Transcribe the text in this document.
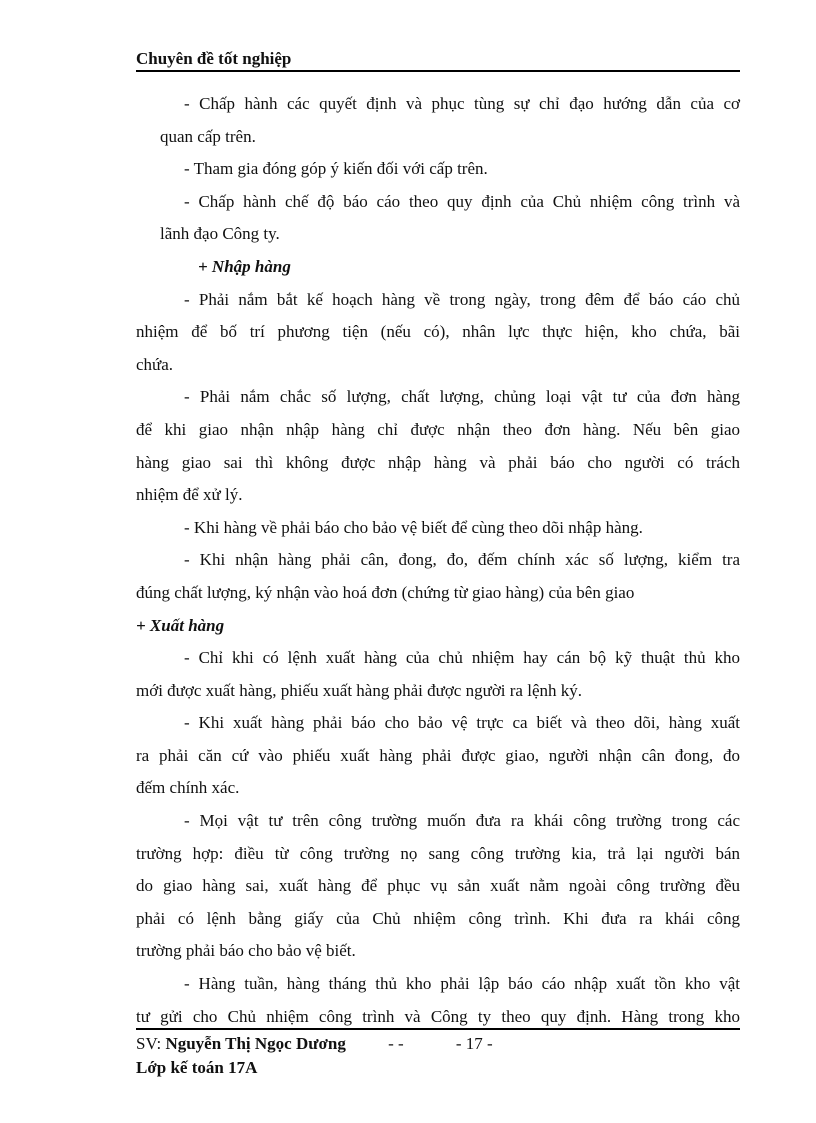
Chuyên đề tốt nghiệp
- Chấp hành các quyết định và phục tùng sự chỉ đạo hướng dẫn của cơ
quan cấp trên.
- Tham gia đóng góp ý kiến đối với cấp trên.
- Chấp hành chế độ báo cáo theo quy định của Chủ nhiệm công trình và
lãnh đạo Công ty.
+ Nhập hàng
- Phải nắm bắt kế hoạch hàng về trong ngày, trong đêm để báo cáo chủ
nhiệm để bố trí phương tiện (nếu có), nhân lực thực hiện, kho chứa, bãi
chứa.
- Phải nắm chắc số lượng, chất lượng, chủng loại vật tư của đơn hàng
để khi giao nhận nhập hàng chỉ được nhận theo đơn hàng. Nếu bên giao
hàng giao sai thì không được nhập hàng và phải báo cho người có trách
nhiệm để xử lý.
- Khi hàng về phải báo cho bảo vệ biết để cùng theo dõi nhập hàng.
- Khi nhận hàng phải cân, đong, đo, đếm chính xác số lượng, kiểm tra
đúng chất lượng, ký nhận vào hoá đơn (chứng từ giao hàng) của bên giao
+ Xuất hàng
- Chỉ khi có lệnh xuất hàng của chủ nhiệm hay cán bộ kỹ thuật thủ kho
mới được xuất hàng, phiếu xuất hàng phải được người ra lệnh ký.
- Khi xuất hàng phải báo cho bảo vệ trực ca biết và theo dõi, hàng xuất
ra phải căn cứ vào phiếu xuất hàng phải được giao, người nhận cân đong, đo
đếm chính xác.
- Mọi vật tư trên công trường muốn đưa ra khái công trường trong các
trường hợp: điều từ công trường nọ sang công trường kia, trả lại người bán
do giao hàng sai, xuất hàng để phục vụ sản xuất nằm ngoài công trường đều
phải có lệnh bằng giấy của Chủ nhiệm công trình. Khi đưa ra khái công
trường phải báo cho bảo vệ biết.
- Hàng tuần, hàng tháng thủ kho phải lập báo cáo nhập xuất tồn kho vật
tư gửi cho Chủ nhiệm công trình và Công ty theo quy định. Hàng trong kho
SV: Nguyễn Thị Ngọc Dương - -	- 17 -
Lớp kế toán 17A
